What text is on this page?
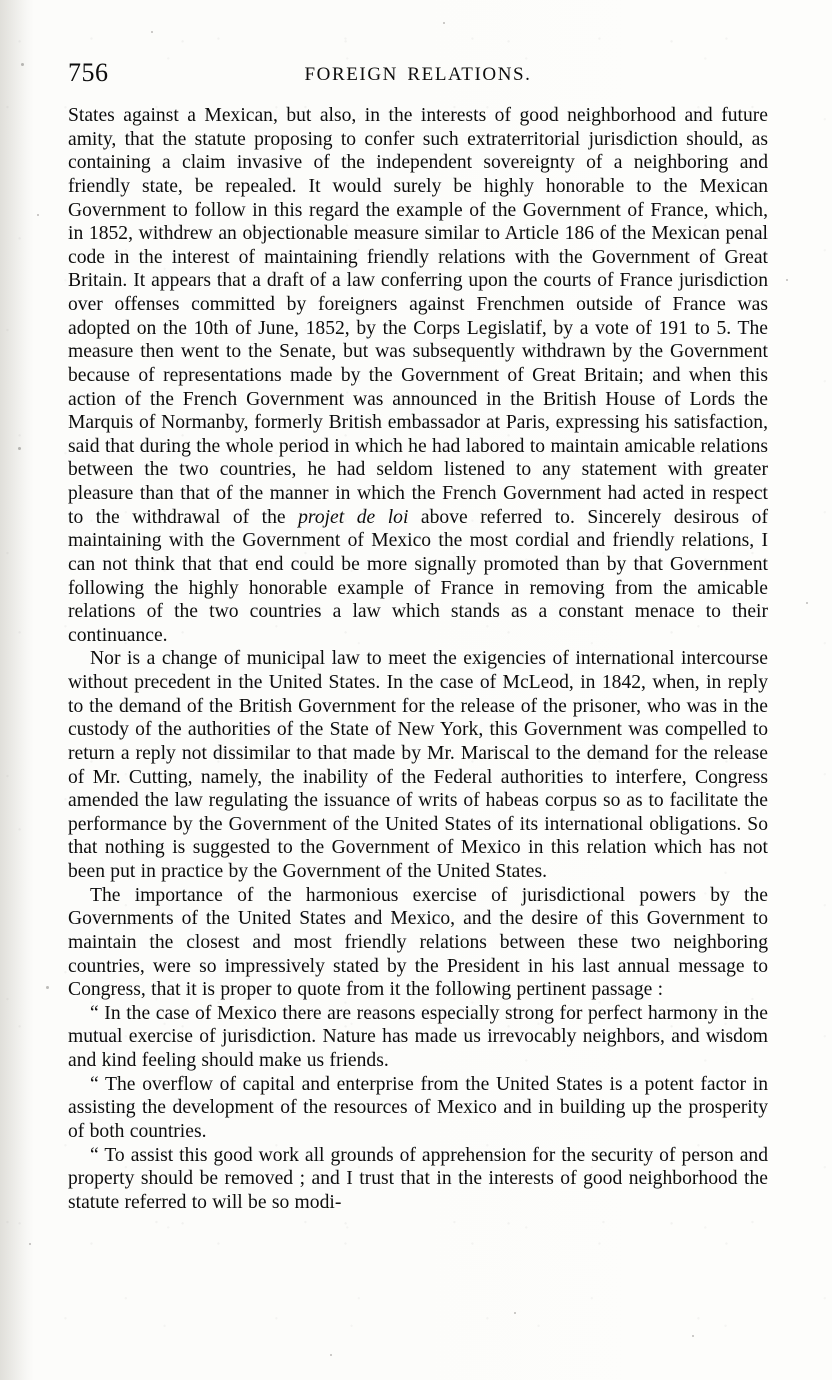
756	FOREIGN RELATIONS.

States against a Mexican, but also, in the interests of good neighborhood and future amity, that the statute proposing to confer such extraterritorial jurisdiction should, as containing a claim invasive of the independent sovereignty of a neighboring and friendly state, be repealed. It would surely be highly honorable to the Mexican Government to follow in this regard the example of the Government of France, which, in 1852, withdrew an objectionable measure similar to Article 186 of the Mexican penal code in the interest of maintaining friendly relations with the Government of Great Britain. It appears that a draft of a law conferring upon the courts of France jurisdiction over offenses committed by foreigners against Frenchmen outside of France was adopted on the 10th of June, 1852, by the Corps Legislatif, by a vote of 191 to 5. The measure then went to the Senate, but was subsequently withdrawn by the Government because of representations made by the Government of Great Britain; and when this action of the French Government was announced in the British House of Lords the Marquis of Normanby, formerly British embassador at Paris, expressing his satisfaction, said that during the whole period in which he had labored to maintain amicable relations between the two countries, he had seldom listened to any statement with greater pleasure than that of the manner in which the French Government had acted in respect to the withdrawal of the projet de loi above referred to. Sincerely desirous of maintaining with the Government of Mexico the most cordial and friendly relations, I can not think that that end could be more signally promoted than by that Government following the highly honorable example of France in removing from the amicable relations of the two countries a law which stands as a constant menace to their continuance.

Nor is a change of municipal law to meet the exigencies of international intercourse without precedent in the United States. In the case of McLeod, in 1842, when, in reply to the demand of the British Government for the release of the prisoner, who was in the custody of the authorities of the State of New York, this Government was compelled to return a reply not dissimilar to that made by Mr. Mariscal to the demand for the release of Mr. Cutting, namely, the inability of the Federal authorities to interfere, Congress amended the law regulating the issuance of writs of habeas corpus so as to facilitate the performance by the Government of the United States of its international obligations. So that nothing is suggested to the Government of Mexico in this relation which has not been put in practice by the Government of the United States.

The importance of the harmonious exercise of jurisdictional powers by the Governments of the United States and Mexico, and the desire of this Government to maintain the closest and most friendly relations between these two neighboring countries, were so impressively stated by the President in his last annual message to Congress, that it is proper to quote from it the following pertinent passage :

“ In the case of Mexico there are reasons especially strong for perfect harmony in the mutual exercise of jurisdiction. Nature has made us irrevocably neighbors, and wisdom and kind feeling should make us friends.

“ The overflow of capital and enterprise from the United States is a potent factor in assisting the development of the resources of Mexico and in building up the prosperity of both countries.

“ To assist this good work all grounds of apprehension for the security of person and property should be removed ; and I trust that in the interests of good neighborhood the statute referred to will be so modi-
